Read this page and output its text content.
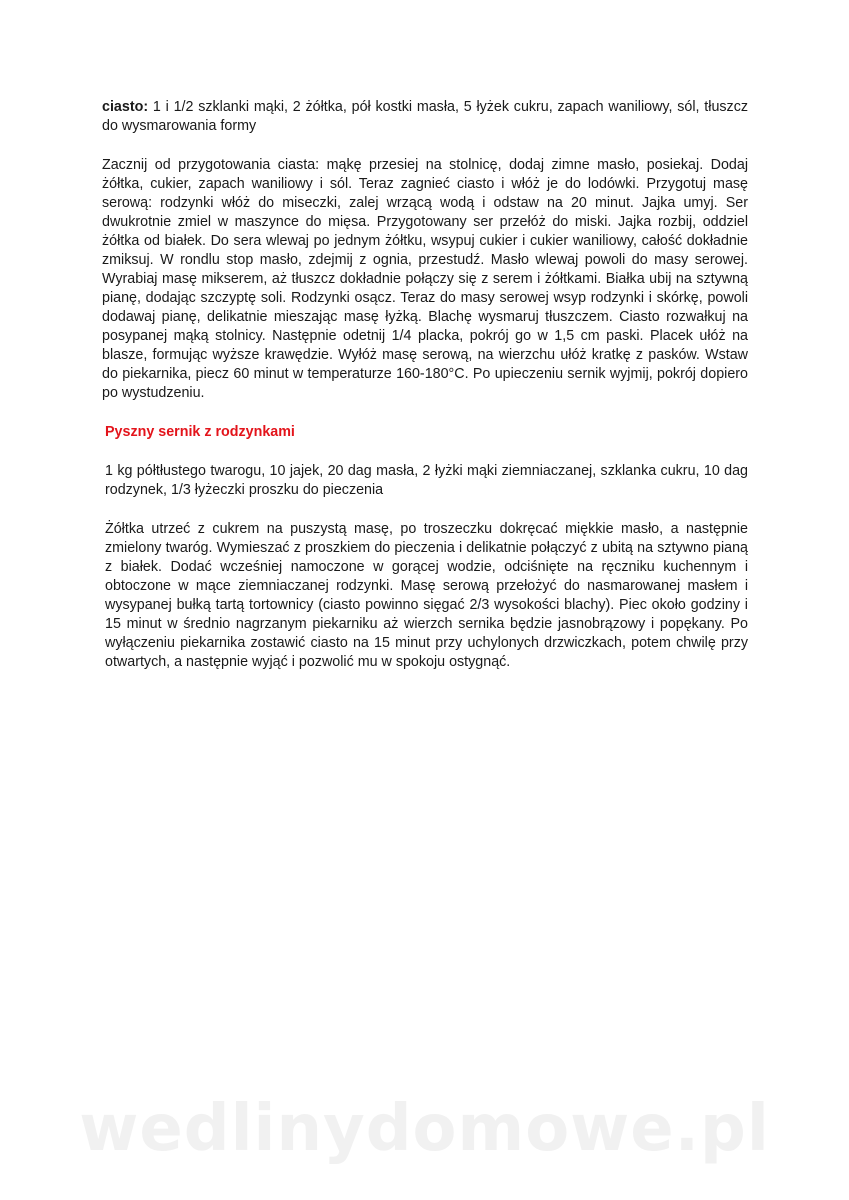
ciasto: 1 i 1/2 szklanki mąki, 2 żółtka, pół kostki masła, 5 łyżek cukru, zapach waniliowy, sól, tłuszcz do wysmarowania formy

Zacznij od przygotowania ciasta: mąkę przesiej na stolnicę, dodaj zimne masło, posiekaj. Dodaj żółtka, cukier, zapach waniliowy i sól. Teraz zagnieć ciasto i włóż je do lodówki. Przygotuj masę serową: rodzynki włóż do miseczki, zalej wrzącą wodą i odstaw na 20 minut. Jajka umyj. Ser dwukrotnie zmiel w maszynce do mięsa. Przygotowany ser przełóż do miski. Jajka rozbij, oddziel żółtka od białek. Do sera wlewaj po jednym żółtku, wsypuj cukier i cukier waniliowy, całość dokładnie zmiksuj. W rondlu stop masło, zdejmij z ognia, przestudź. Masło wlewaj powoli do masy serowej. Wyrabiaj masę mikserem, aż tłuszcz dokładnie połączy się z serem i żółtkami. Białka ubij na sztywną pianę, dodając szczyptę soli. Rodzynki osącz. Teraz do masy serowej wsyp rodzynki i skórkę, powoli dodawaj pianę, delikatnie mieszając masę łyżką. Blachę wysmaruj tłuszczem. Ciasto rozwałkuj na posypanej mąką stolnicy. Następnie odetnij 1/4 placka, pokrój go w 1,5 cm paski. Placek ułóż na blasze, formując wyższe krawędzie. Wyłóż masę serową, na wierzchu ułóż kratkę z pasków. Wstaw do piekarnika, piecz 60 minut w temperaturze 160-180°C. Po upieczeniu sernik wyjmij, pokrój dopiero po wystudzeniu.

Pyszny sernik z rodzynkami

1 kg półtłustego twarogu, 10 jajek, 20 dag masła, 2 łyżki mąki ziemniaczanej, szklanka cukru, 10 dag rodzynek, 1/3 łyżeczki proszku do pieczenia

Żółtka utrzeć z cukrem na puszystą masę, po troszeczku dokręcać miękkie masło, a następnie zmielony twaróg. Wymieszać z proszkiem do pieczenia i delikatnie połączyć z ubitą na sztywno pianą z białek. Dodać wcześniej namoczone w gorącej wodzie, odciśnięte na ręczniku kuchennym i obtoczone w mące ziemniaczanej rodzynki. Masę serową przełożyć do nasmarowanej masłem i wysypanej bułką tartą tortownicy (ciasto powinno sięgać 2/3 wysokości blachy). Piec około godziny i 15 minut w średnio nagrzanym piekarniku aż wierzch sernika będzie jasnobrązowy i popękany. Po wyłączeniu piekarnika zostawić ciasto na 15 minut przy uchylonych drzwiczkach, potem chwilę przy otwartych, a następnie wyjąć i pozwolić mu w spokoju ostygnąć.

wedlinydomowe.pl
